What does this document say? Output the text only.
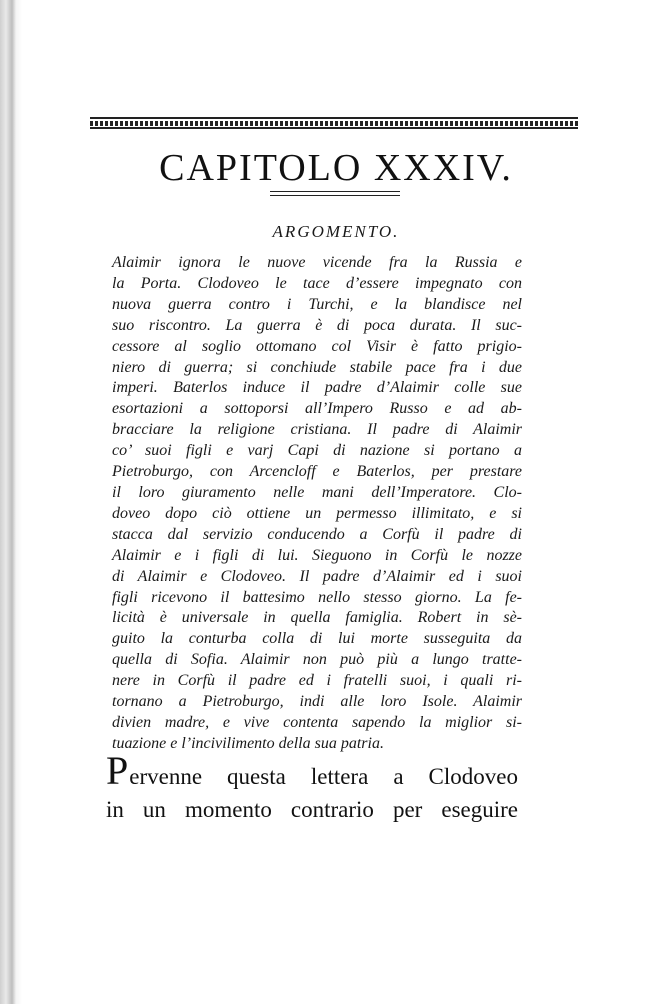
CAPITOLO XXXIV.
ARGOMENTO.
Alaimir ignora le nuove vicende fra la Russia e
la Porta. Clodoveo le tace d’essere impegnato con
nuova guerra contro i Turchi, e la blandisce nel
suo riscontro. La guerra è di poca durata. Il suc-
cessore al soglio ottomano col Visir è fatto prigio-
niero di guerra; si conchiude stabile pace fra i due
imperi. Baterlos induce il padre d’Alaimir colle sue
esortazioni a sottoporsi all’Impero Russo e ad ab-
bracciare la religione cristiana. Il padre di Alaimir
co’ suoi figli e varj Capi di nazione si portano a
Pietroburgo, con Arcencloff e Baterlos, per prestare
il loro giuramento nelle mani dell’Imperatore. Clo-
doveo dopo ciò ottiene un permesso illimitato, e si
stacca dal servizio conducendo a Corfù il padre di
Alaimir e i figli di lui. Sieguono in Corfù le nozze
di Alaimir e Clodoveo. Il padre d’Alaimir ed i suoi
figli ricevono il battesimo nello stesso giorno. La fe-
licità è universale in quella famiglia. Robert in sè-
guito la conturba colla di lui morte susseguita da
quella di Sofia. Alaimir non può più a lungo tratte-
nere in Corfù il padre ed i fratelli suoi, i quali ri-
tornano a Pietroburgo, indi alle loro Isole. Alaimir
divien madre, e vive contenta sapendo la miglior si-
tuazione e l’incivilimento della sua patria.
Pervenne questa lettera a Clodoveo
in un momento contrario per eseguire
